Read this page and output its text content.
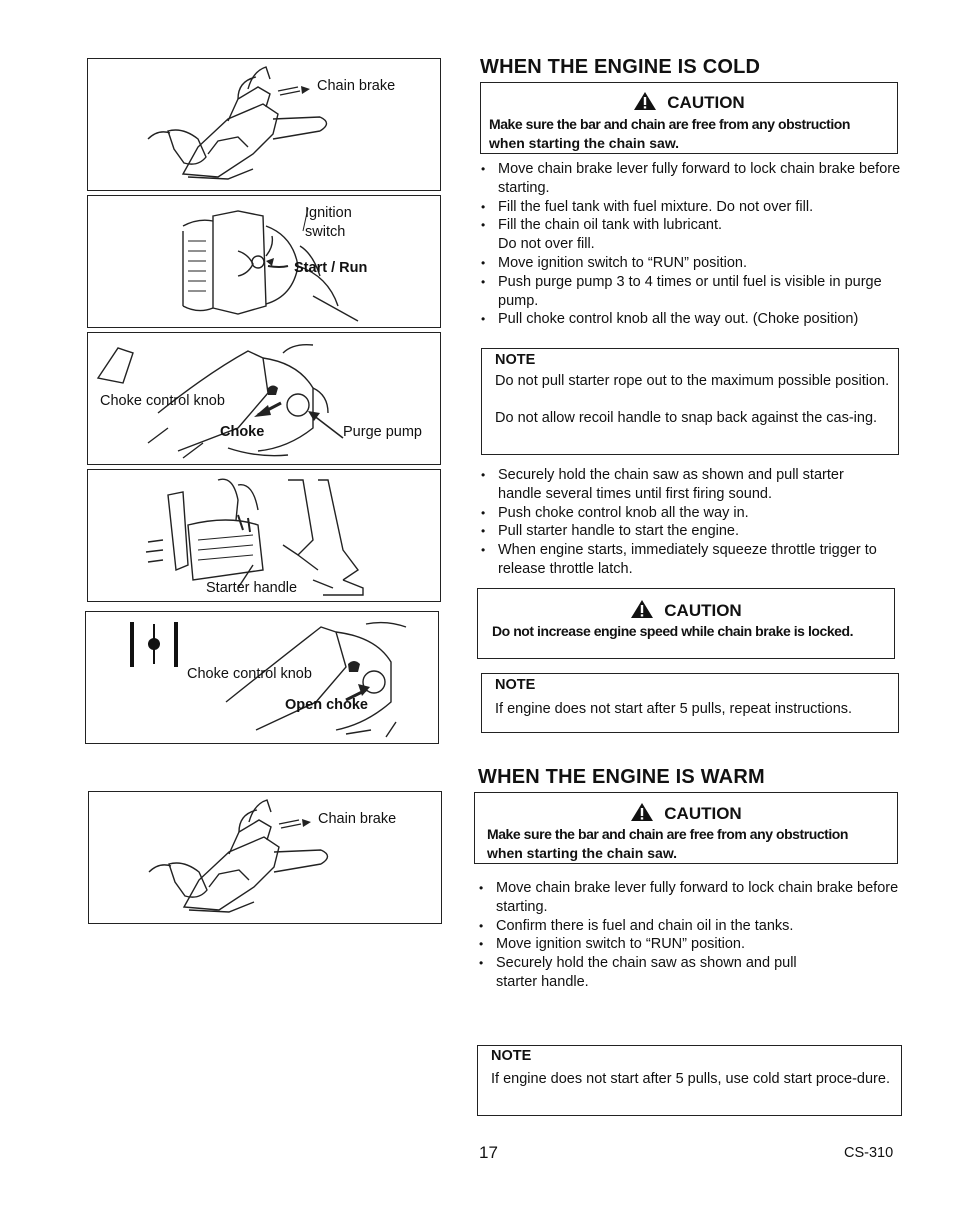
Chain brake
Ignition
switch
Start / Run
Choke control knob
Choke	Purge pump
Starter handle
Choke control knob
Open choke
Chain brake
WHEN THE ENGINE IS COLD
CAUTION
Make sure the bar and chain are free from any obstruction
when starting the chain saw.
• Move chain brake lever fully forward to lock chain brake before starting.
• Fill the fuel tank with fuel mixture. Do not over fill.
• Fill the chain oil tank with lubricant. Do not over fill.
• Move ignition switch to “RUN” position.
• Push purge pump 3 to 4 times or until fuel is visible in purge pump.
• Pull choke control knob all the way out. (Choke position)
NOTE
Do not pull starter rope out to the maximum possible position.
Do not allow recoil handle to snap back against the cas-ing.
• Securely hold the chain saw as shown and pull starter handle several times until first firing sound.
• Push choke control knob all the way in.
• Pull starter handle to start the engine.
• When engine starts, immediately squeeze throttle trigger to release throttle latch.
CAUTION
Do not increase engine speed while chain brake is locked.
NOTE
If engine does not start after 5 pulls, repeat instructions.
WHEN THE ENGINE IS WARM
CAUTION
Make sure the bar and chain are free from any obstruction
when starting the chain saw.
• Move chain brake lever fully forward to lock chain brake before starting.
• Confirm there is fuel and chain oil in the tanks.
• Move ignition switch to “RUN” position.
• Securely hold the chain saw as shown and pull starter handle.
NOTE
If engine does not start after 5 pulls, use cold start proce-dure.
17	CS-310
